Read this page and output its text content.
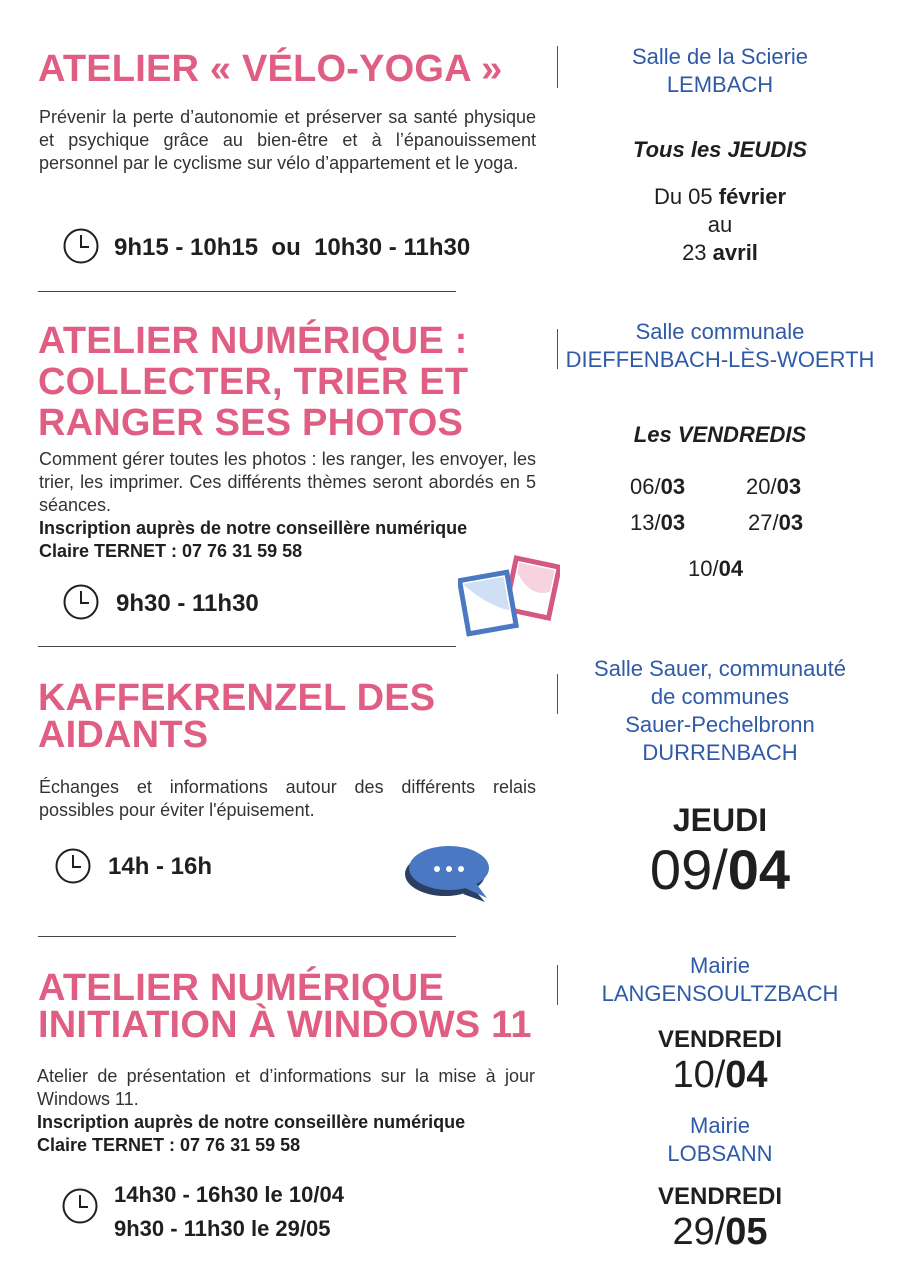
ATELIER « VÉLO-YOGA »

Prévenir la perte d’autonomie et préserver sa santé physique et psychique grâce au bien-être et à l’épanouissement personnel par le cyclisme sur vélo d’appartement et le yoga.

9h15 - 10h15  ou  10h30 - 11h30
Salle de la Scierie
LEMBACH
Tous les JEUDIS
Du 05 février
au
23 avril
ATELIER NUMÉRIQUE :
COLLECTER, TRIER ET
RANGER SES PHOTOS
Comment gérer toutes les photos : les ranger, les envoyer, les trier, les imprimer. Ces différents thèmes seront abordés en 5 séances.
Inscription auprès de notre conseillère numérique
Claire TERNET : 07 76 31 59 58
9h30 - 11h30
Salle communale
DIEFFENBACH-LÈS-WOERTH
Les VENDREDIS
06/03	20/03
13/03	27/03
10/04
KAFFEKRENZEL DES
AIDANTS

Échanges et informations autour des différents relais possibles pour éviter l'épuisement.

14h - 16h
Salle Sauer, communauté
de communes
Sauer-Pechelbronn
DURRENBACH
JEUDI
09/04
ATELIER NUMÉRIQUE
INITIATION À WINDOWS 11
Atelier de présentation et d’informations sur la mise à jour Windows 11.
Inscription auprès de notre conseillère numérique
Claire TERNET : 07 76 31 59 58
14h30 - 16h30 le 10/04
9h30 - 11h30 le 29/05
Mairie
LANGENSOULTZBACH
VENDREDI
10/04
Mairie
LOBSANN
VENDREDI
29/05
